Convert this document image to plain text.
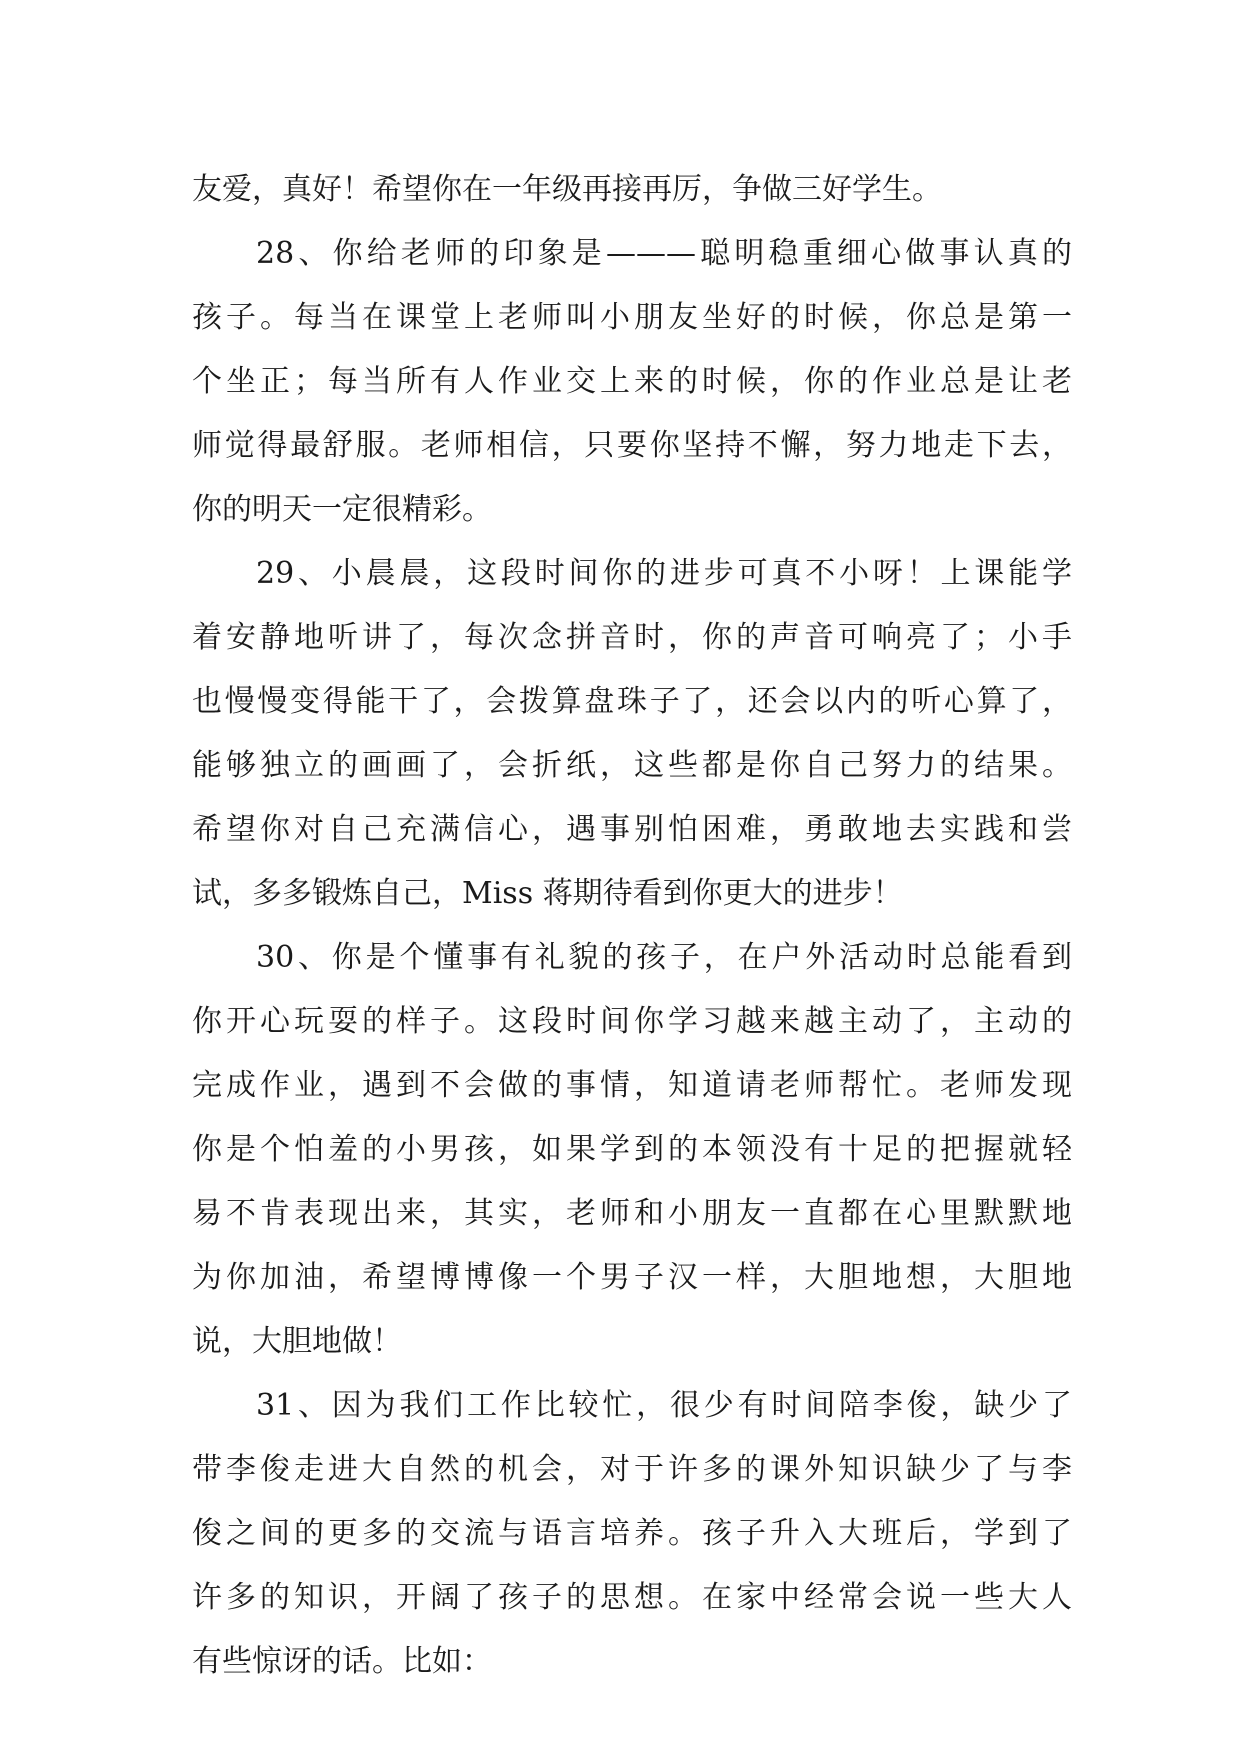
友爱，真好！希望你在一年级再接再厉，争做三好学生。
28、你给老师的印象是———聪明稳重细心做事认真的
孩子。每当在课堂上老师叫小朋友坐好的时候，你总是第一
个坐正；每当所有人作业交上来的时候，你的作业总是让老
师觉得最舒服。老师相信，只要你坚持不懈，努力地走下去，
你的明天一定很精彩。
29、小晨晨，这段时间你的进步可真不小呀！上课能学
着安静地听讲了，每次念拼音时，你的声音可响亮了；小手
也慢慢变得能干了，会拨算盘珠子了，还会以内的听心算了，
能够独立的画画了，会折纸，这些都是你自己努力的结果。
希望你对自己充满信心，遇事别怕困难，勇敢地去实践和尝
试，多多锻炼自己，Miss 蒋期待看到你更大的进步！
30、你是个懂事有礼貌的孩子，在户外活动时总能看到
你开心玩耍的样子。这段时间你学习越来越主动了，主动的
完成作业，遇到不会做的事情，知道请老师帮忙。老师发现
你是个怕羞的小男孩，如果学到的本领没有十足的把握就轻
易不肯表现出来，其实，老师和小朋友一直都在心里默默地
为你加油，希望博博像一个男子汉一样，大胆地想，大胆地
说，大胆地做！
31、因为我们工作比较忙，很少有时间陪李俊，缺少了
带李俊走进大自然的机会，对于许多的课外知识缺少了与李
俊之间的更多的交流与语言培养。孩子升入大班后，学到了
许多的知识，开阔了孩子的思想。在家中经常会说一些大人
有些惊讶的话。比如：
